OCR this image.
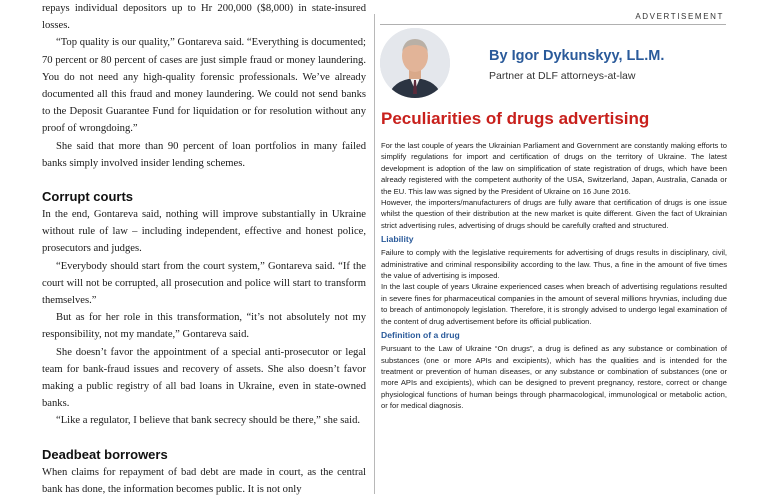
repays individual depositors up to Hr 200,000 ($8,000) in state-insured losses.

“Top quality is our quality,” Gontareva said. “Everything is documented; 70 percent or 80 percent of cases are just simple fraud or money laundering. You do not need any high-quality forensic professionals. We’ve already documented all this fraud and money laundering. We could not send banks to the Deposit Guarantee Fund for liquidation or for resolution without any proof of wrongdoing.”

She said that more than 90 percent of loan portfolios in many failed banks simply involved insider lending schemes.

Corrupt courts

In the end, Gontareva said, nothing will improve substantially in Ukraine without rule of law – including independent, effective and honest police, prosecutors and judges.

“Everybody should start from the court system,” Gontareva said. “If the court will not be corrupted, all prosecution and police will start to transform themselves.”

But as for her role in this transformation, “it’s not absolutely not my responsibility, not my mandate,” Gontareva said.

She doesn’t favor the appointment of a special anti-prosecutor or legal team for bank-fraud issues and recovery of assets. She also doesn’t favor making a public registry of all bad loans in Ukraine, even in state-owned banks.

“Like a regulator, I believe that bank secrecy should be there,” she said.

Deadbeat borrowers

When claims for repayment of bad debt are made in court, as the central bank has done, the information becomes public. It is not only

ADVERTISEMENT
By Igor Dykunskyy, LL.M.
Partner at DLF attorneys-at-law
Peculiarities of drugs advertising

For the last couple of years the Ukrainian Parliament and Government are constantly making efforts to simplify regulations for import and certification of drugs on the territory of Ukraine. The latest development is adoption of the law on simplification of state registration of drugs, which have been already registered with the competent authority of the USA, Switzerland, Japan, Australia, Canada or the EU. This law was signed by the President of Ukraine on 16 June 2016.

However, the importers/manufacturers of drugs are fully aware that certification of drugs is one issue whilst the question of their distribution at the new market is quite different. Given the fact of Ukrainian strict advertising rules, advertising of drugs should be carefully crafted and structured.

Liability

Failure to comply with the legislative requirements for advertising of drugs results in disciplinary, civil, administrative and criminal responsibility according to the law. Thus, a fine in the amount of five times the value of advertising is imposed.

In the last couple of years Ukraine experienced cases when breach of advertising regulations resulted in severe fines for pharmaceutical companies in the amount of several millions hryvnias, including due to breach of antimonopoly legislation. Therefore, it is strongly advised to undergo legal examination of the content of drug advertisement before its official publication.

Definition of a drug

Pursuant to the Law of Ukraine “On drugs”, a drug is defined as any substance or combination of substances (one or more APIs and excipients), which has the qualities and is intended for the treatment or prevention of human diseases, or any substance or combination of substances (one or more APIs and excipients), which can be designed to prevent pregnancy, restore, correct or change physiological functions of human beings through pharmacological, immunological or metabolic action, or for medical diagnosis.
